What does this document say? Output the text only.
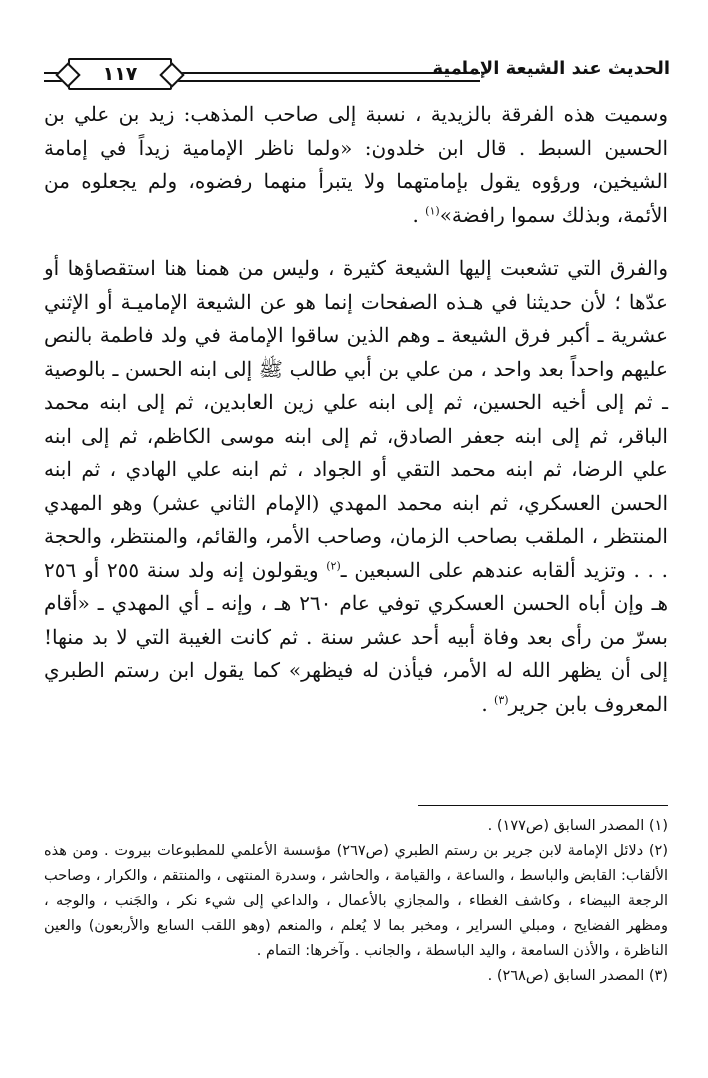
الحديث عند الشيعة الإمامية
١١٧

وسميت هذه الفرقة بالزيدية ، نسبة إلى صاحب المذهب: زيد بن علي بن الحسين السبط . قال ابن خلدون: «ولما ناظر الإمامية زيداً في إمامة الشيخين، ورؤوه يقول بإمامتهما ولا يتبرأ منهما رفضوه، ولم يجعلوه من الأئمة، وبذلك سموا رافضة»$^{(١)}$ .

والفرق التي تشعبت إليها الشيعة كثيرة ، وليس من همنا هنا استقصاؤها أو عدّها ؛ لأن حديثنا في هـذه الصفحات إنما هو عن الشيعة الإماميـة أو الإثني عشرية ـ أكبر فرق الشيعة ـ وهم الذين ساقوا الإمامة في ولد فاطمة بالنص عليهم واحداً بعد واحد ، من علي بن أبي طالب ﷺ إلى ابنه الحسن ـ بالوصية ـ ثم إلى أخيه الحسين، ثم إلى ابنه علي زين العابدين، ثم إلى ابنه محمد الباقر، ثم إلى ابنه جعفر الصادق، ثم إلى ابنه موسى الكاظم، ثم إلى ابنه علي الرضا، ثم ابنه محمد التقي أو الجواد ، ثم ابنه علي الهادي ، ثم ابنه الحسن العسكري، ثم ابنه محمد المهدي (الإمام الثاني عشر) وهو المهدي المنتظر ، الملقب بصاحب الزمان، وصاحب الأمر، والقائم، والمنتظر، والحجة . . . وتزيد ألقابه عندهم على السبعين ـ$^{(٢)}$ ويقولون إنه ولد سنة ٢٥٥ أو ٢٥٦ هـ وإن أباه الحسن العسكري توفي عام ٢٦٠ هـ ، وإنه ـ أي المهدي ـ «أقام بسرّ من رأى بعد وفاة أبيه أحد عشر سنة . ثم كانت الغيبة التي لا بد منها! إلى أن يظهر الله له الأمر، فيأذن له فيظهر» كما يقول ابن رستم الطبري المعروف بابن جرير$^{(٣)}$ .

(١) المصدر السابق (ص١٧٧) .

(٢) دلائل الإمامة لابن جرير بن رستم الطبري (ص٢٦٧) مؤسسة الأعلمي للمطبوعات بيروت . ومن هذه الألقاب: القابض والباسط ، والساعة ، والقيامة ، والحاشر ، وسدرة المنتهى ، والمنتقم ، والكرار ، وصاحب الرجعة البيضاء ، وكاشف الغطاء ، والمجازي بالأعمال ، والداعي إلى شيء نكر ، والجَنب ، والوجه ، ومظهر الفضايح ، ومبلي السراير ، ومخبر بما لا يُعلم ، والمنعم (وهو اللقب السابع والأربعون) والعين الناظرة ، والأذن السامعة ، واليد الباسطة ، والجانب . وآخرها: التمام .

(٣) المصدر السابق (ص٢٦٨) .
